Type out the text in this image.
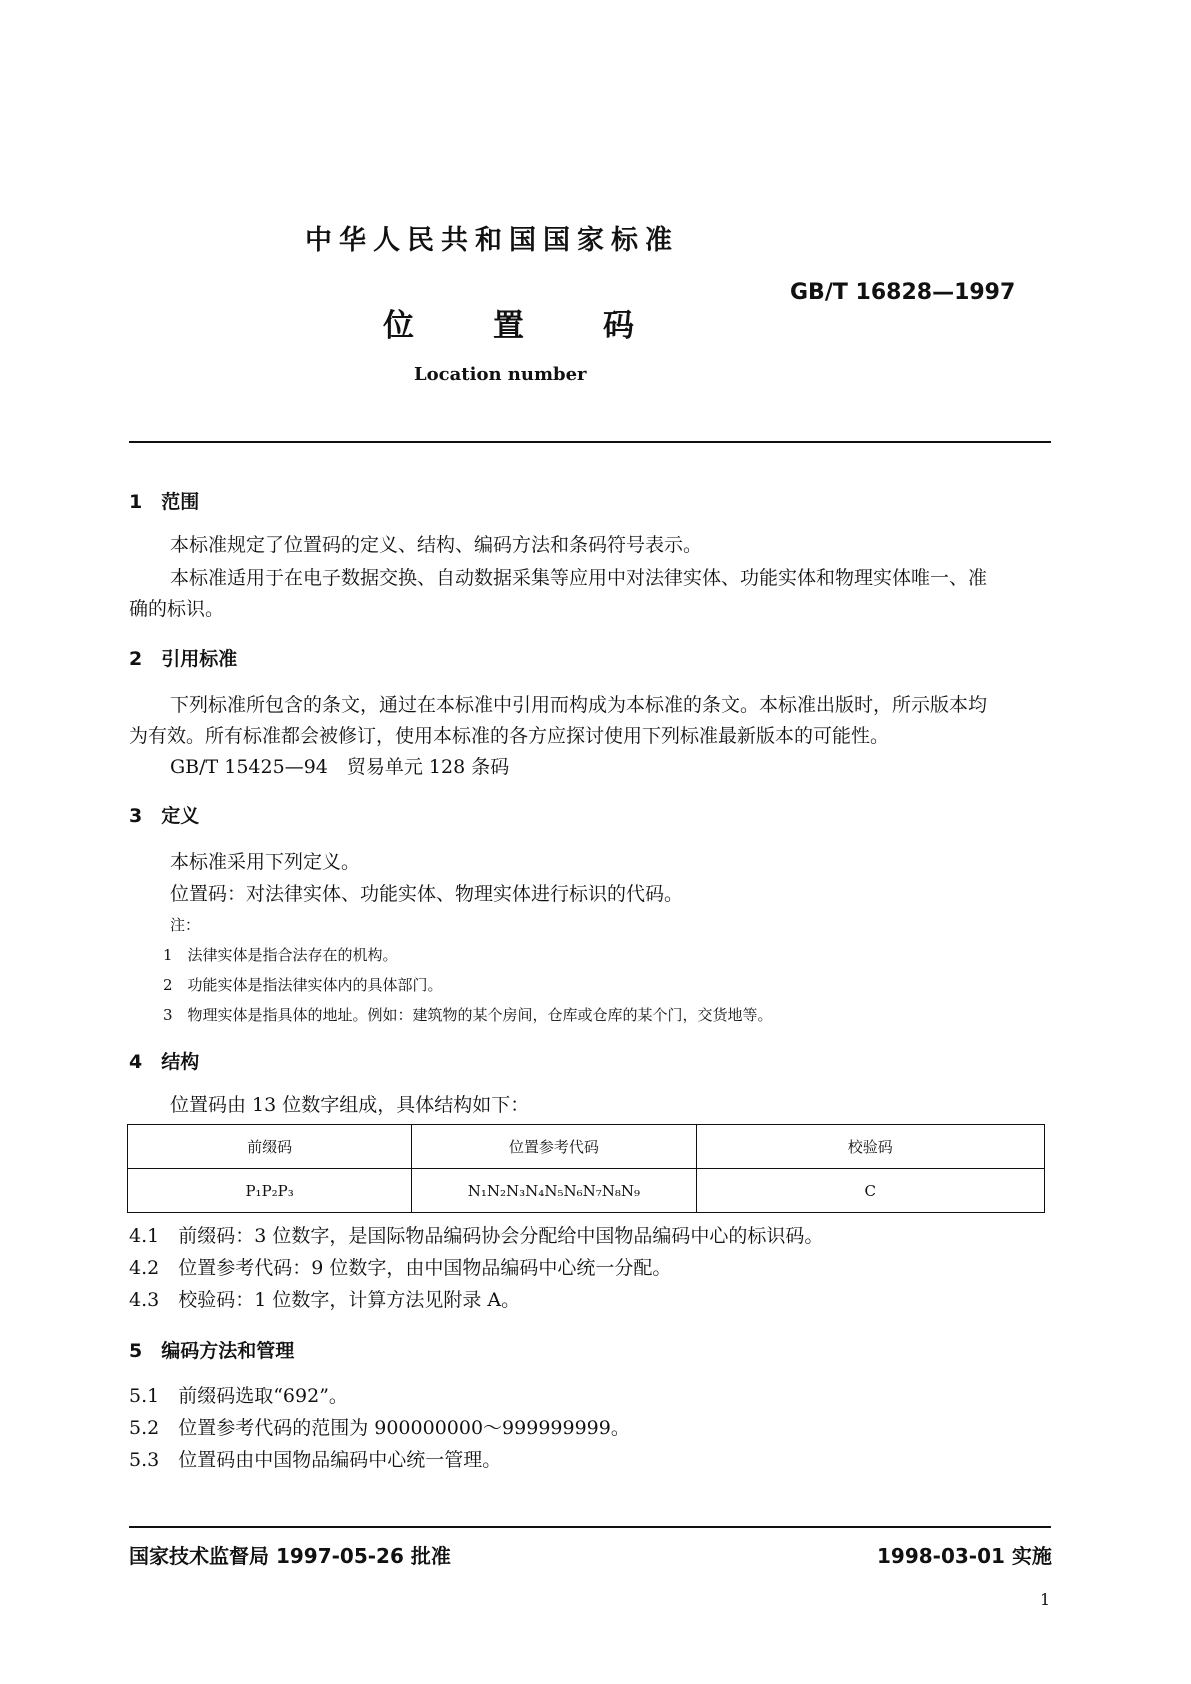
中华人民共和国国家标准
GB/T 16828—1997
位　置　码
Location number
1　范围
本标准规定了位置码的定义、结构、编码方法和条码符号表示。
本标准适用于在电子数据交换、自动数据采集等应用中对法律实体、功能实体和物理实体唯一、准
确的标识。
2　引用标准
下列标准所包含的条文，通过在本标准中引用而构成为本标准的条文。本标准出版时，所示版本均
为有效。所有标准都会被修订，使用本标准的各方应探讨使用下列标准最新版本的可能性。
GB/T 15425—94　贸易单元 128 条码
3　定义
本标准采用下列定义。
位置码：对法律实体、功能实体、物理实体进行标识的代码。
注：
1　法律实体是指合法存在的机构。
2　功能实体是指法律实体内的具体部门。
3　物理实体是指具体的地址。例如：建筑物的某个房间，仓库或仓库的某个门，交货地等。
4　结构
位置码由 13 位数字组成，具体结构如下：
前缀码	位置参考代码	校验码
P₁P₂P₃	N₁N₂N₃N₄N₅N₆N₇N₈N₉	C
4.1　前缀码：3 位数字，是国际物品编码协会分配给中国物品编码中心的标识码。
4.2　位置参考代码：9 位数字，由中国物品编码中心统一分配。
4.3　校验码：1 位数字，计算方法见附录 A。
5　编码方法和管理
5.1　前缀码选取“692”。
5.2　位置参考代码的范围为 900000000～999999999。
5.3　位置码由中国物品编码中心统一管理。
国家技术监督局 1997-05-26 批准	1998-03-01 实施
1
